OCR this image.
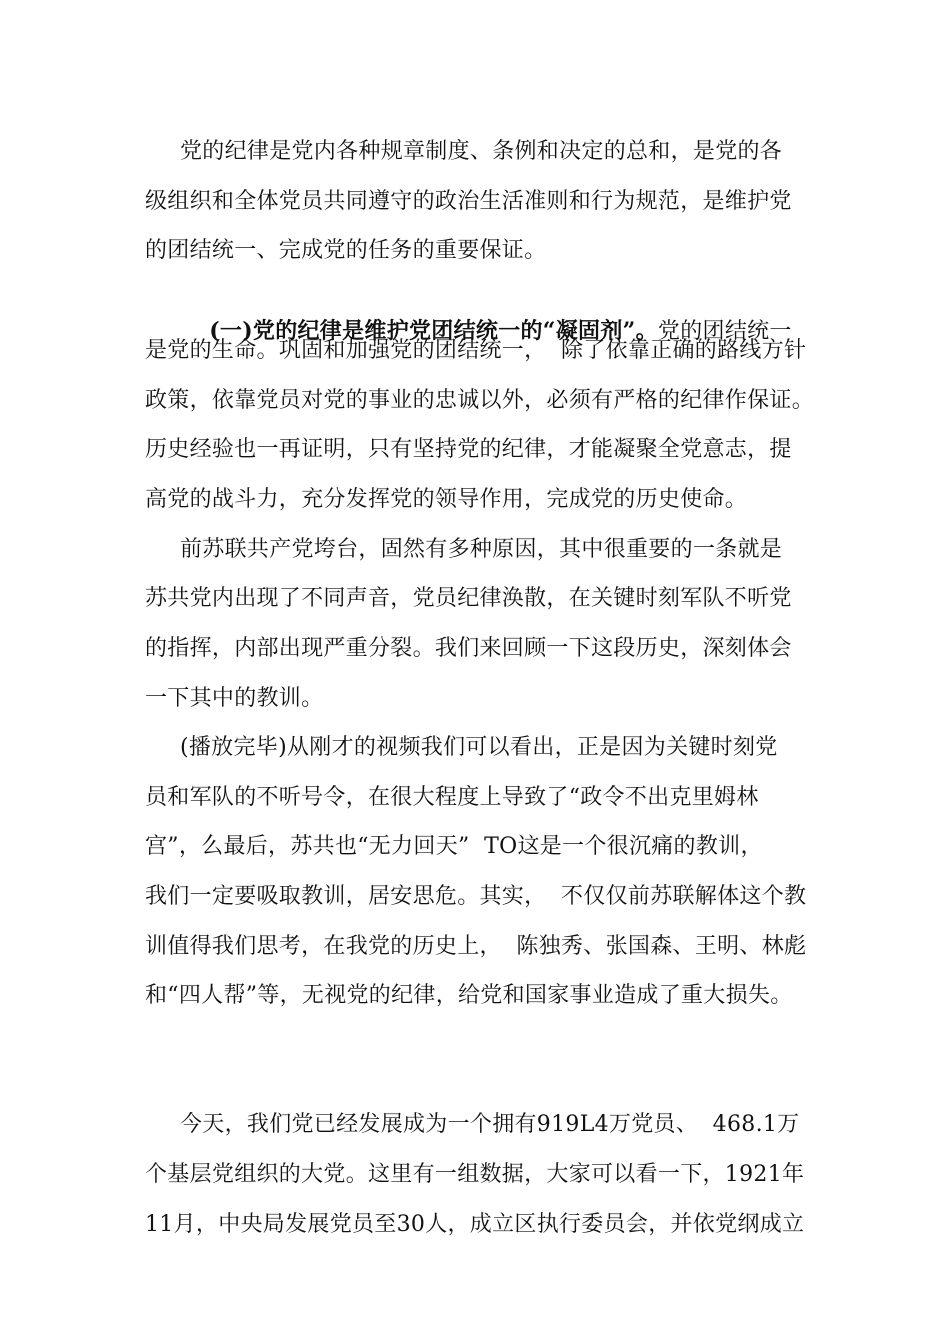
党的纪律是党内各种规章制度、条例和决定的总和，是党的各
级组织和全体党员共同遵守的政治生活准则和行为规范，是维护党
的团结统一、完成党的任务的重要保证。

(一)党的纪律是维护党团结统一的“凝固剂”。党的团结统一

是党的生命。巩固和加强党的团结统一，  除了依靠正确的路线方针
政策，依靠党员对党的事业的忠诚以外，必须有严格的纪律作保证。
历史经验也一再证明，只有坚持党的纪律，才能凝聚全党意志，提
高党的战斗力，充分发挥党的领导作用，完成党的历史使命。
前苏联共产党垮台，固然有多种原因，其中很重要的一条就是
苏共党内出现了不同声音，党员纪律涣散，在关键时刻军队不听党
的指挥，内部出现严重分裂。我们来回顾一下这段历史，深刻体会
一下其中的教训。
(播放完毕)从刚才的视频我们可以看出，正是因为关键时刻党
员和军队的不听号令，在很大程度上导致了“政令不出克里姆林
宫”，么最后，苏共也“无力回天”  TO这是一个很沉痛的教训，
我们一定要吸取教训，居安思危。其实，  不仅仅前苏联解体这个教
训值得我们思考，在我党的历史上，  陈独秀、张国森、王明、林彪
和“四人帮”等，无视党的纪律，给党和国家事业造成了重大损失。
今天，我们党已经发展成为一个拥有919L4万党员、  468.1万
个基层党组织的大党。这里有一组数据，大家可以看一下，1921年
11月，中央局发展党员至30人，成立区执行委员会，并依党纲成立
